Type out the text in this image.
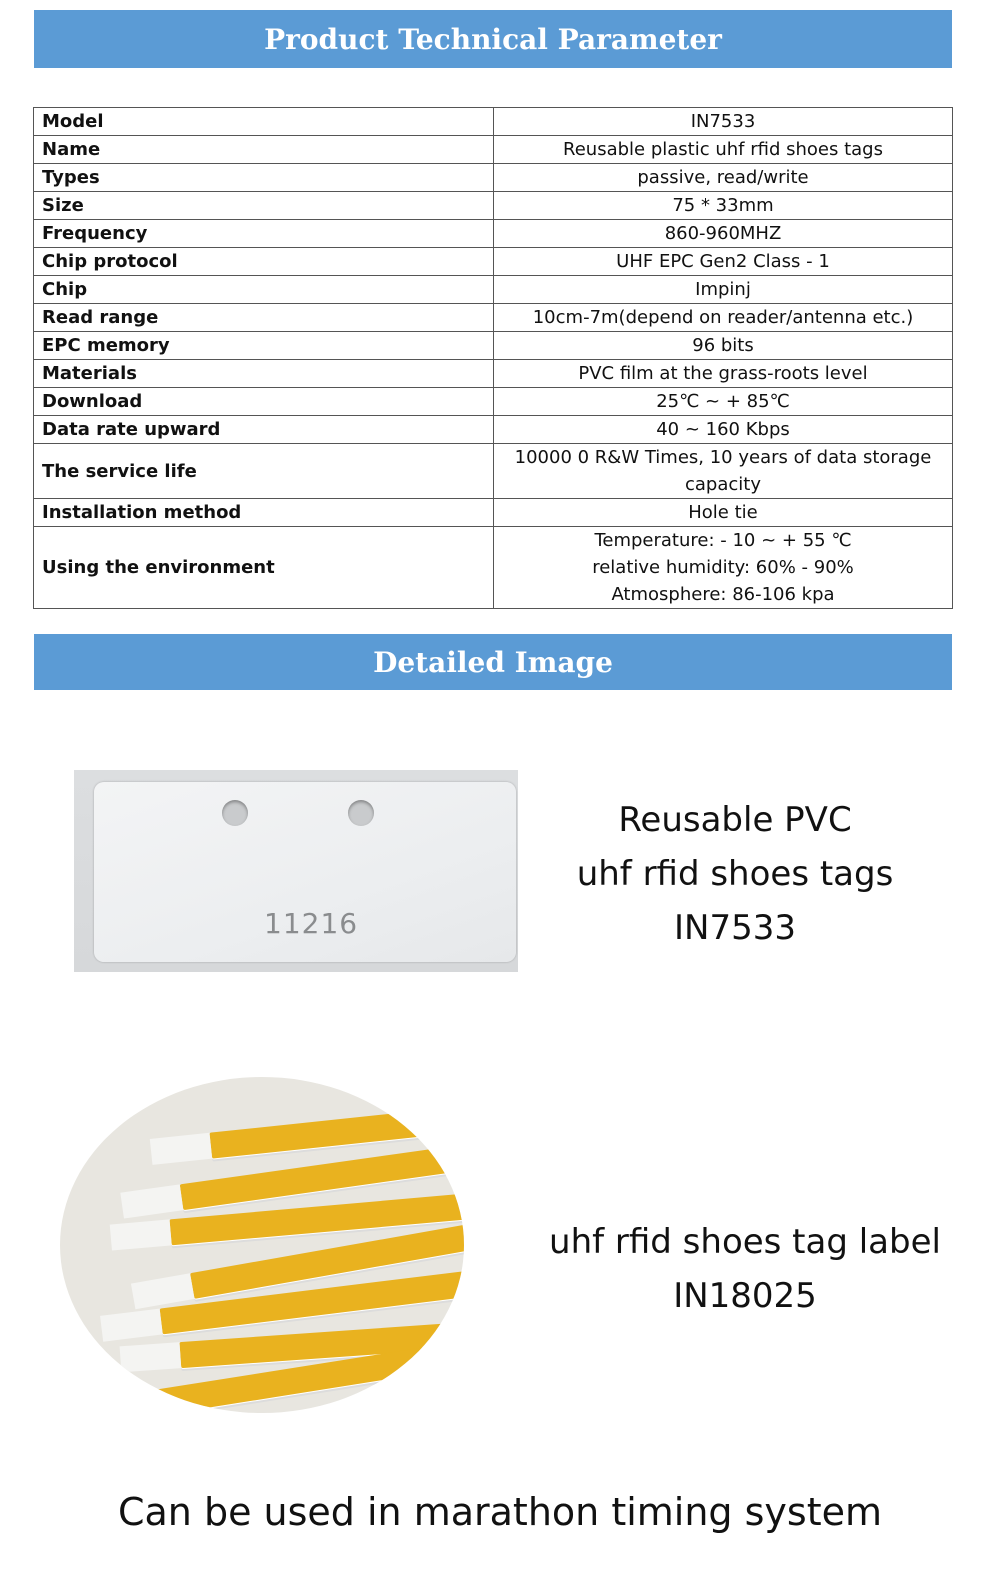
Product Technical Parameter
Model	IN7533

Name	Reusable plastic uhf rfid shoes tags

Types	passive, read/write

Size	75 * 33mm

Frequency	860-960MHZ

Chip protocol	UHF EPC Gen2 Class - 1

Chip	Impinj

Read range	10cm-7m(depend on reader/antenna etc.)

EPC memory	96 bits

Materials	PVC film at the grass-roots level

Download	25℃ ~ + 85℃

Data rate upward	40 ~ 160 Kbps

The service life	10000 0 R&W Times, 10 years of data storage
capacity

Installation method	Hole tie

Using the environment	Temperature: - 10 ~ + 55 ℃
relative humidity: 60% - 90%
Atmosphere: 86-106 kpa
Detailed Image
11216
Reusable PVC
uhf rfid shoes tags
IN7533
uhf rfid shoes tag label
IN18025
Can be used in marathon timing system
